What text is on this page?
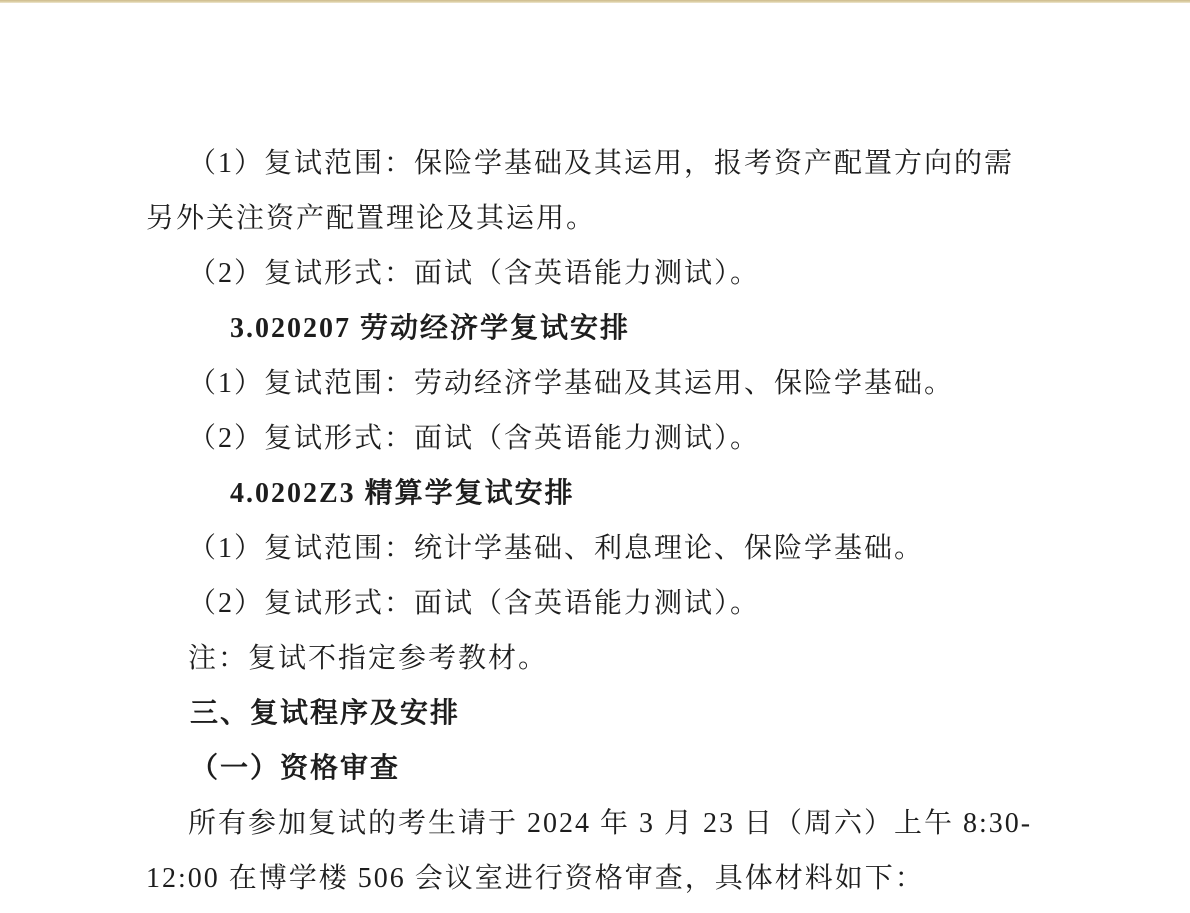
（1）复试范围：保险学基础及其运用，报考资产配置方向的需

另外关注资产配置理论及其运用。

（2）复试形式：面试（含英语能力测试）。

3.020207 劳动经济学复试安排

（1）复试范围：劳动经济学基础及其运用、保险学基础。

（2）复试形式：面试（含英语能力测试）。

4.0202Z3 精算学复试安排

（1）复试范围：统计学基础、利息理论、保险学基础。

（2）复试形式：面试（含英语能力测试）。

注：复试不指定参考教材。

三、复试程序及安排

（一）资格审查

所有参加复试的考生请于 2024 年 3 月 23 日（周六）上午 8:30-

12:00 在博学楼 506 会议室进行资格审查，具体材料如下：
